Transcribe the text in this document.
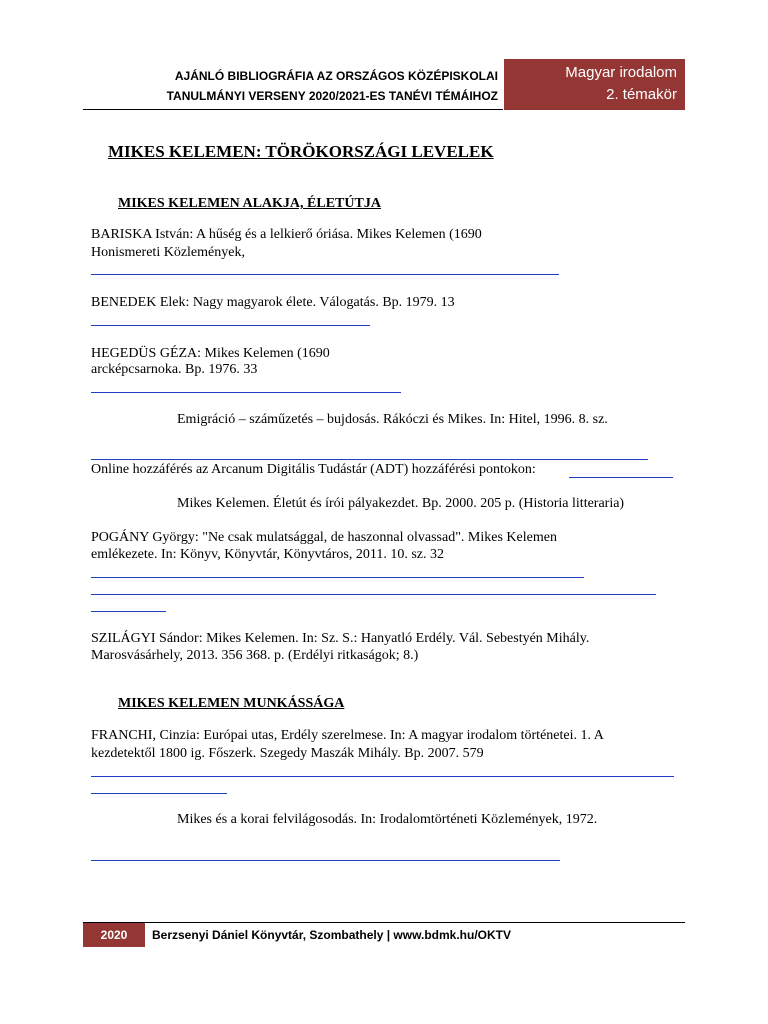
AJÁNLÓ BIBLIOGRÁFIA AZ ORSZÁGOS KÖZÉPISKOLAI
TANULMÁNYI VERSENY 2020/2021-ES TANÉVI TÉMÁIHOZ
Magyar irodalom
2. témakör
MIKES KELEMEN: TÖRÖKORSZÁGI LEVELEK
MIKES KELEMEN ALAKJA, ÉLETÚTJA
BARISKA István: A hűség és a lelkierő óriása. Mikes Kelemen (1690
Honismereti Közlemények,
BENEDEK Elek: Nagy magyarok élete. Válogatás. Bp. 1979. 13
HEGEDÜS GÉZA: Mikes Kelemen (1690
arcképcsarnoka. Bp. 1976. 33
Emigráció – száműzetés – bujdosás. Rákóczi és Mikes. In: Hitel, 1996. 8. sz.
Online hozzáférés az Arcanum Digitális Tudástár (ADT) hozzáférési pontokon:
Mikes Kelemen. Életút és írói pályakezdet. Bp. 2000. 205 p. (Historia litteraria)
POGÁNY György: "Ne csak mulatsággal, de haszonnal olvassad". Mikes Kelemen
emlékezete. In: Könyv, Könyvtár, Könyvtáros, 2011. 10. sz. 32
SZILÁGYI Sándor: Mikes Kelemen. In: Sz. S.: Hanyatló Erdély. Vál. Sebestyén Mihály.
Marosvásárhely, 2013. 356 368. p. (Erdélyi ritkaságok; 8.)
MIKES KELEMEN MUNKÁSSÁGA
FRANCHI, Cinzia: Európai utas, Erdély szerelmese. In: A magyar irodalom történetei. 1. A
kezdetektől 1800 ig. Főszerk. Szegedy Maszák Mihály. Bp. 2007. 579
Mikes és a korai felvilágosodás. In: Irodalomtörténeti Közlemények, 1972.
2020	Berzsenyi Dániel Könyvtár, Szombathely | www.bdmk.hu/OKTV
